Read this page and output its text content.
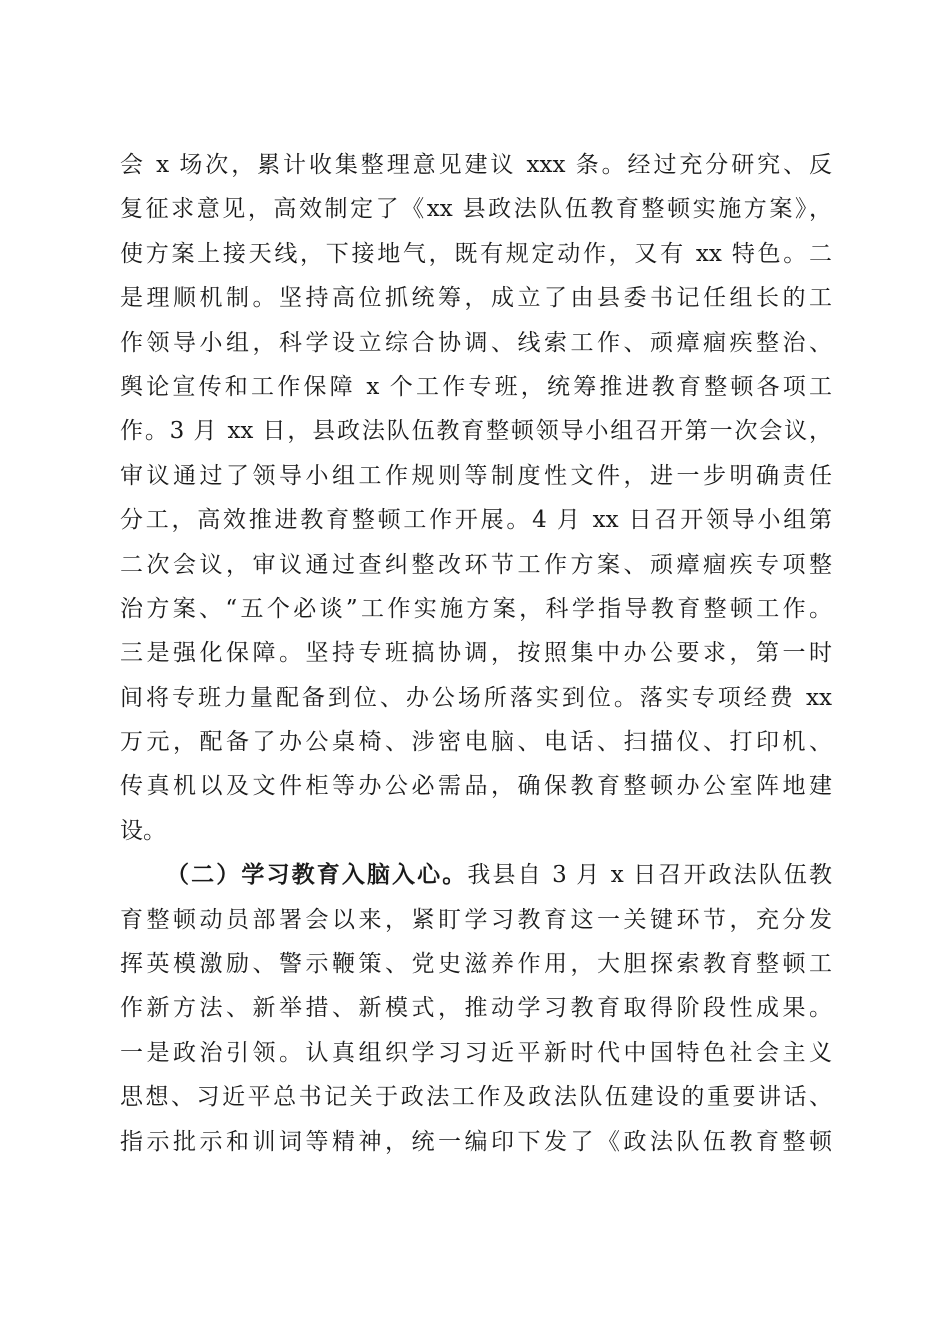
会 x 场次，累计收集整理意见建议 xxx 条。经过充分研究、反
复征求意见，高效制定了《xx 县政法队伍教育整顿实施方案》，
使方案上接天线，下接地气，既有规定动作，又有 xx 特色。二
是理顺机制。坚持高位抓统筹，成立了由县委书记任组长的工
作领导小组，科学设立综合协调、线索工作、顽瘴痼疾整治、
舆论宣传和工作保障 x 个工作专班，统筹推进教育整顿各项工
作。3 月 xx 日，县政法队伍教育整顿领导小组召开第一次会议，
审议通过了领导小组工作规则等制度性文件，进一步明确责任
分工，高效推进教育整顿工作开展。4 月 xx 日召开领导小组第
二次会议，审议通过查纠整改环节工作方案、顽瘴痼疾专项整
治方案、“五个必谈”工作实施方案，科学指导教育整顿工作。
三是强化保障。坚持专班搞协调，按照集中办公要求，第一时
间将专班力量配备到位、办公场所落实到位。落实专项经费 xx
万元，配备了办公桌椅、涉密电脑、电话、扫描仪、打印机、
传真机以及文件柜等办公必需品，确保教育整顿办公室阵地建
设。
（二）学习教育入脑入心。我县自 3 月 x 日召开政法队伍教
育整顿动员部署会以来，紧盯学习教育这一关键环节，充分发
挥英模激励、警示鞭策、党史滋养作用，大胆探索教育整顿工
作新方法、新举措、新模式，推动学习教育取得阶段性成果。
一是政治引领。认真组织学习习近平新时代中国特色社会主义
思想、习近平总书记关于政法工作及政法队伍建设的重要讲话、
指示批示和训词等精神，统一编印下发了《政法队伍教育整顿
